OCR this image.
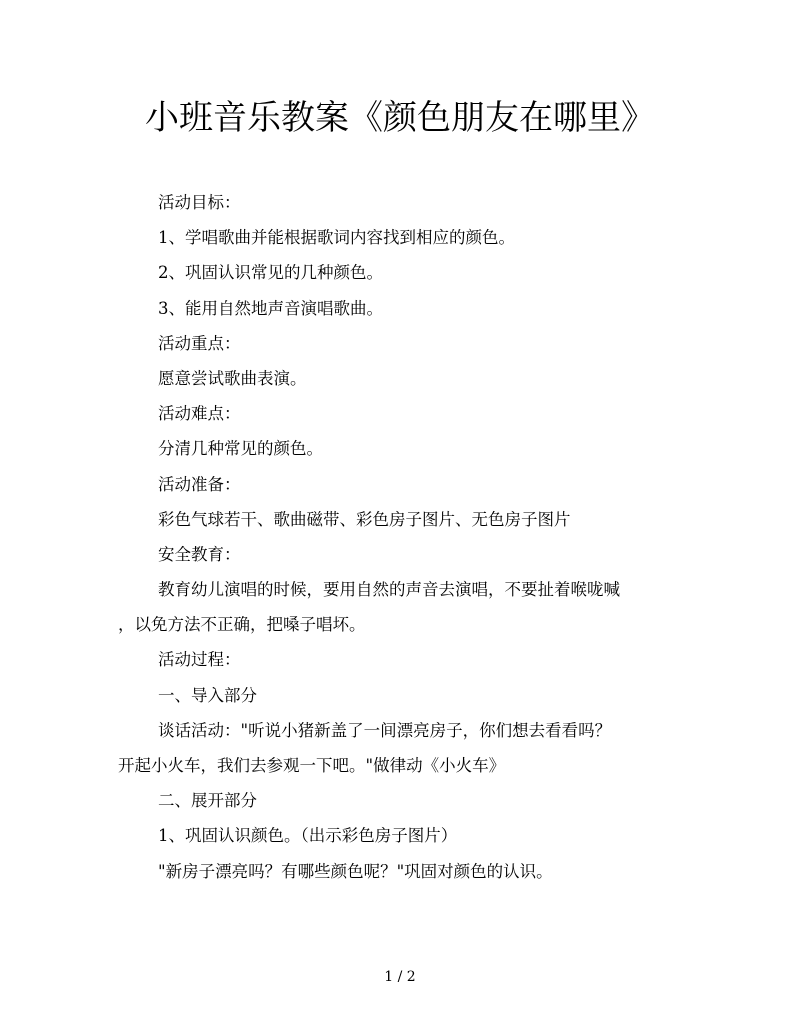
小班音乐教案《颜色朋友在哪里》

活动目标：

1、学唱歌曲并能根据歌词内容找到相应的颜色。

2、巩固认识常见的几种颜色。

3、能用自然地声音演唱歌曲。

活动重点：

愿意尝试歌曲表演。

活动难点：

分清几种常见的颜色。

活动准备：

彩色气球若干、歌曲磁带、彩色房子图片、无色房子图片

安全教育：

教育幼儿演唱的时候，要用自然的声音去演唱，不要扯着喉咙喊

，以免方法不正确，把嗓子唱坏。

活动过程：

一、导入部分

谈话活动："听说小猪新盖了一间漂亮房子，你们想去看看吗？

开起小火车，我们去参观一下吧。"做律动《小火车》

二、展开部分

1、巩固认识颜色。（出示彩色房子图片）

"新房子漂亮吗？有哪些颜色呢？"巩固对颜色的认识。

1 / 2
